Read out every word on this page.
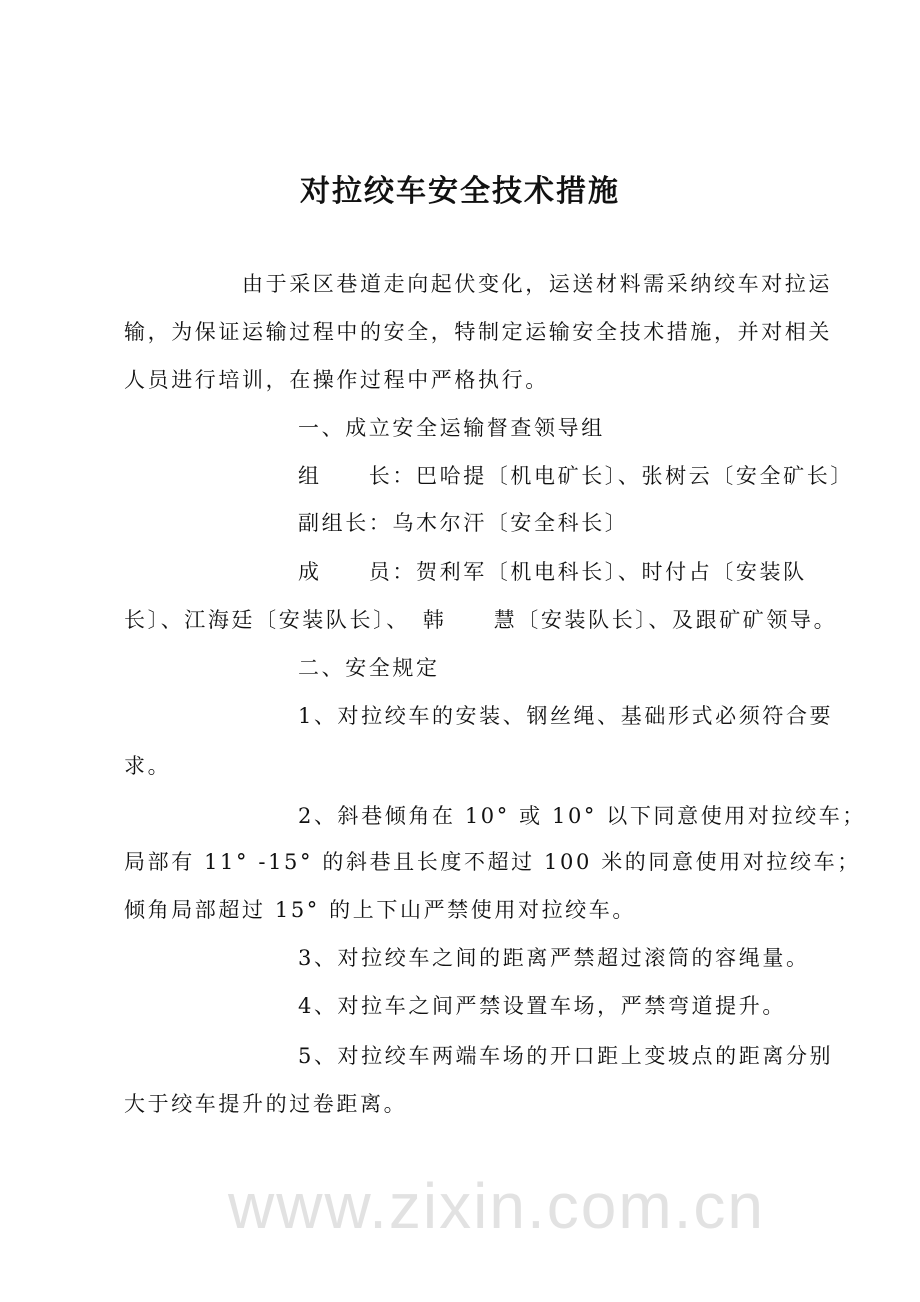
www.zixin.com.cn
对拉绞车安全技术措施
由于采区巷道走向起伏变化，运送材料需采纳绞车对拉运
输，为保证运输过程中的安全，特制定运输安全技术措施，并对相关
人员进行培训，在操作过程中严格执行。
一、成立安全运输督查领导组
组　　长：巴哈提〔机电矿长〕、张树云〔安全矿长〕
副组长：乌木尔汗〔安全科长〕
成　　员：贺利军〔机电科长〕、时付占〔安装队
长〕、江海廷〔安装队长〕、　韩　　慧〔安装队长〕、及跟矿矿领导。
二、安全规定
1、对拉绞车的安装、钢丝绳、基础形式必须符合要
求。
2、斜巷倾角在 10° 或 10° 以下同意使用对拉绞车；
局部有 11° -15° 的斜巷且长度不超过 100 米的同意使用对拉绞车；
倾角局部超过 15° 的上下山严禁使用对拉绞车。
3、对拉绞车之间的距离严禁超过滚筒的容绳量。
4、对拉车之间严禁设置车场，严禁弯道提升。
5、对拉绞车两端车场的开口距上变坡点的距离分别
大于绞车提升的过卷距离。
